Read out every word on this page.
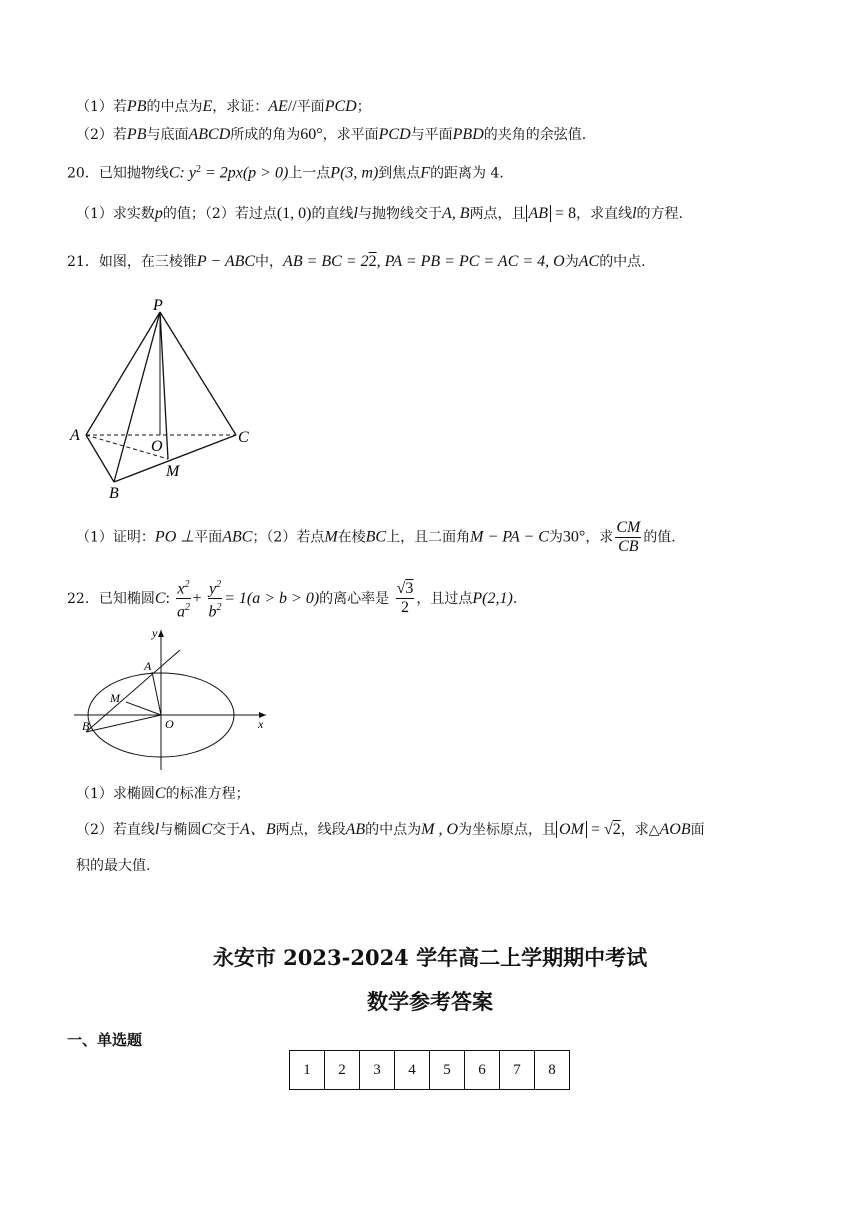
（1）若PB的中点为E，求证：AE//平面PCD；
（2）若PB与底面ABCD所成的角为60°，求平面PCD与平面PBD的夹角的余弦值.
20．已知抛物线C: $y^2 = 2px(p > 0)$上一点P(3, m)到焦点F的距离为 4.
（1）求实数p的值；（2）若过点(1, 0)的直线l与抛物线交于A, B两点，且 AB = 8，求直线l的方程.
21．如图，在三棱锥P − ABC中，AB = BC = 22, PA = PB = PC = AC = 4, O为AC的中点.
P
A	C
O
M
B
（1）证明：PO ⊥平面ABC；（2）若点M在棱BC上，且二面角M − PA − C为30°，求 $\frac{CM}{CB}$ 的值.
22．已知椭圆C: $\frac{x^2}{a^2} + \frac{y^2}{b^2} = 1(a > b > 0)$的离心率是 $\frac{√3}{2}$ ，且过点P(2,1).
y
x
A
M
B	O
（1）求椭圆C的标准方程；
（2）若直线l与椭圆C交于A、B两点，线段AB的中点为M , O为坐标原点，且 OM = √2，求△AOB面
积的最大值.
永安市 2023-2024 学年高二上学期期中考试
数学参考答案
一、单选题
1	2	3	4	5	6	7	8
